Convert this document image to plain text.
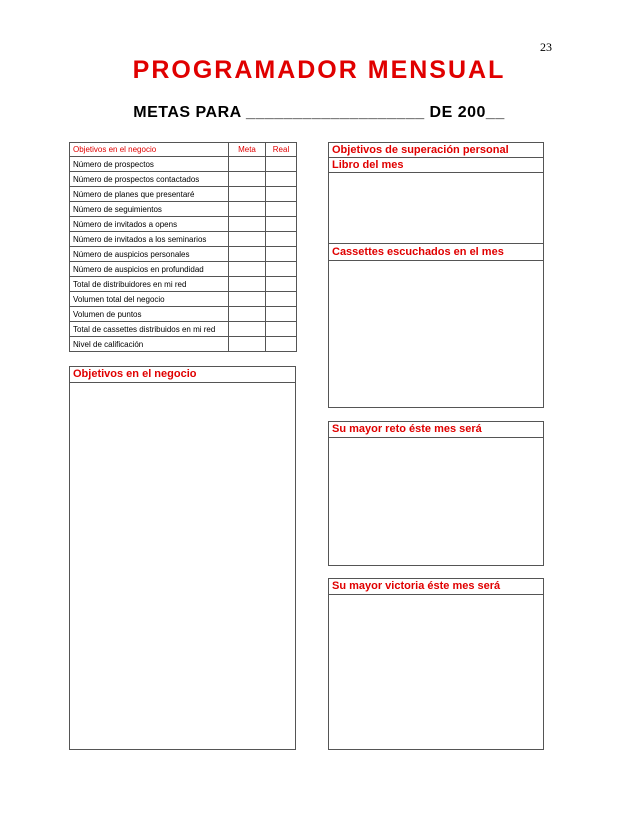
23
PROGRAMADOR MENSUAL
METAS PARA ___________________ DE 200__
Objetivos en el negocio	Meta	Real
Número de prospectos		
Número de prospectos contactados		
Número de planes que presentaré		
Número de seguimientos		
Número de invitados a opens		
Número de invitados a los seminarios		
Número de auspicios personales		
Número de auspicios en profundidad		
Total de distribuidores en mi red		
Volumen total del negocio		
Volumen de puntos		
Total de cassettes distribuidos en mi red		
Nivel de calificación		
Objetivos en el negocio
Objetivos de superación personal
Libro del mes
Cassettes escuchados en el mes
Su mayor reto éste mes será
Su mayor victoria éste mes será
